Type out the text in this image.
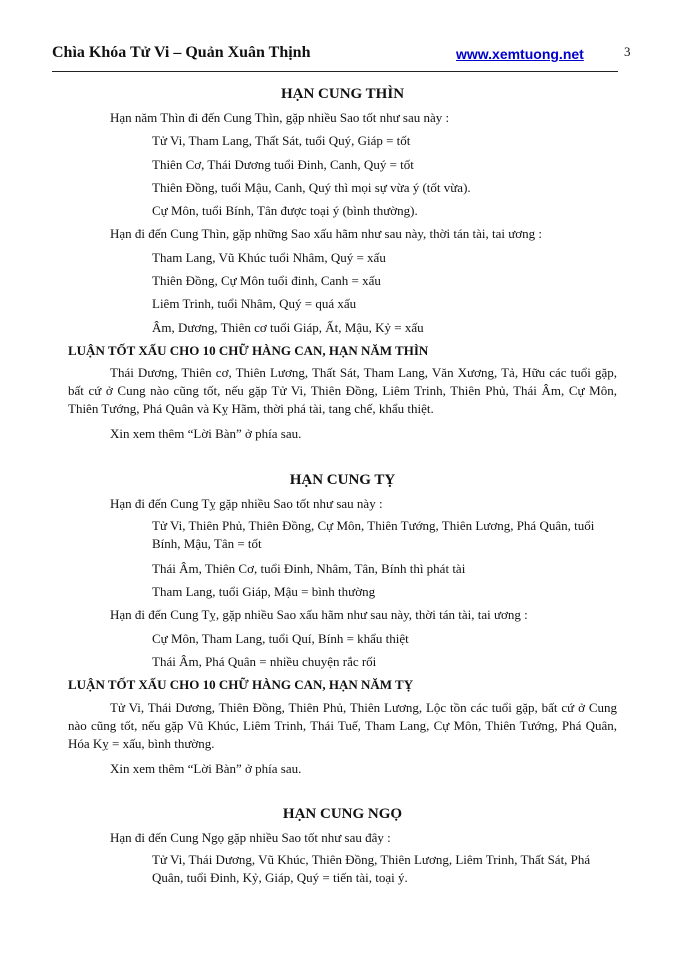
Chìa Khóa Tử Vi – Quản Xuân Thịnh	www.xemtuong.net	3

HẠN CUNG THÌN

Hạn năm Thìn đi đến Cung Thìn, gặp nhiều Sao tốt như sau này :

Tử Vi, Tham Lang, Thất Sát, tuổi Quý, Giáp = tốt

Thiên Cơ, Thái Dương tuổi Đinh, Canh, Quý = tốt

Thiên Đồng, tuổi Mậu, Canh, Quý thì mọi sự vừa ý (tốt vừa).

Cự Môn, tuổi Bính, Tân được toại ý (bình thường).

Hạn đi đến Cung Thìn, gặp những Sao xấu hãm như sau này, thời tán tài, tai ương :

Tham Lang, Vũ Khúc tuổi Nhâm, Quý = xấu

Thiên Đồng, Cự Môn tuổi đinh, Canh = xấu

Liêm Trinh, tuổi Nhâm, Quý = quá xấu

Âm, Dương, Thiên cơ tuổi Giáp, Ất, Mậu, Kỷ = xấu

LUẬN TỐT XẤU CHO 10 CHỮ HÀNG CAN, HẠN NĂM THÌN

Thái Dương, Thiên cơ, Thiên Lương, Thất Sát, Tham Lang, Văn Xương, Tả, Hữu các tuổi gặp, bất cứ ở Cung nào cũng tốt, nếu gặp Tử Vi, Thiên Đồng, Liêm Trinh, Thiên Phủ, Thái Âm, Cự Môn, Thiên Tướng, Phá Quân và Kỵ Hãm, thời phá tài, tang chế, khẩu thiệt.

Xin xem thêm “Lời Bàn” ở phía sau.

HẠN CUNG TỴ

Hạn đi đến Cung Tỵ gặp nhiều Sao tốt như sau này :

Tử Vi, Thiên Phủ, Thiên Đồng, Cự Môn, Thiên Tướng, Thiên Lương, Phá Quân, tuổi Bính, Mậu, Tân = tốt

Thái Âm, Thiên Cơ, tuổi Đinh, Nhâm, Tân, Bính thì phát tài

Tham Lang, tuổi Giáp, Mậu = bình thường

Hạn đi đến Cung Tỵ, gặp nhiều Sao xấu hãm như sau này, thời tán tài, tai ương :

Cự Môn, Tham Lang, tuổi Quí, Bính = khẩu thiệt

Thái Âm, Phá Quân = nhiều chuyện rắc rối

LUẬN TỐT XẤU CHO 10 CHỮ HÀNG CAN, HẠN NĂM TỴ

Tử Vi, Thái Dương, Thiên Đồng, Thiên Phủ, Thiên Lương, Lộc tồn các tuổi gặp, bất cứ ở Cung nào cũng tốt, nếu gặp Vũ Khúc, Liêm Trinh, Thái Tuế, Tham Lang, Cự Môn, Thiên Tướng, Phá Quân, Hóa Kỵ = xấu, bình thường.

Xin xem thêm “Lời Bàn” ở phía sau.

HẠN CUNG NGỌ

Hạn đi đến Cung Ngọ gặp nhiều Sao tốt như sau đây :

Tử Vi, Thái Dương, Vũ Khúc, Thiên Đồng, Thiên Lương, Liêm Trinh, Thất Sát, Phá Quân, tuổi Đinh, Kỷ, Giáp, Quý = tiến tài, toại ý.
